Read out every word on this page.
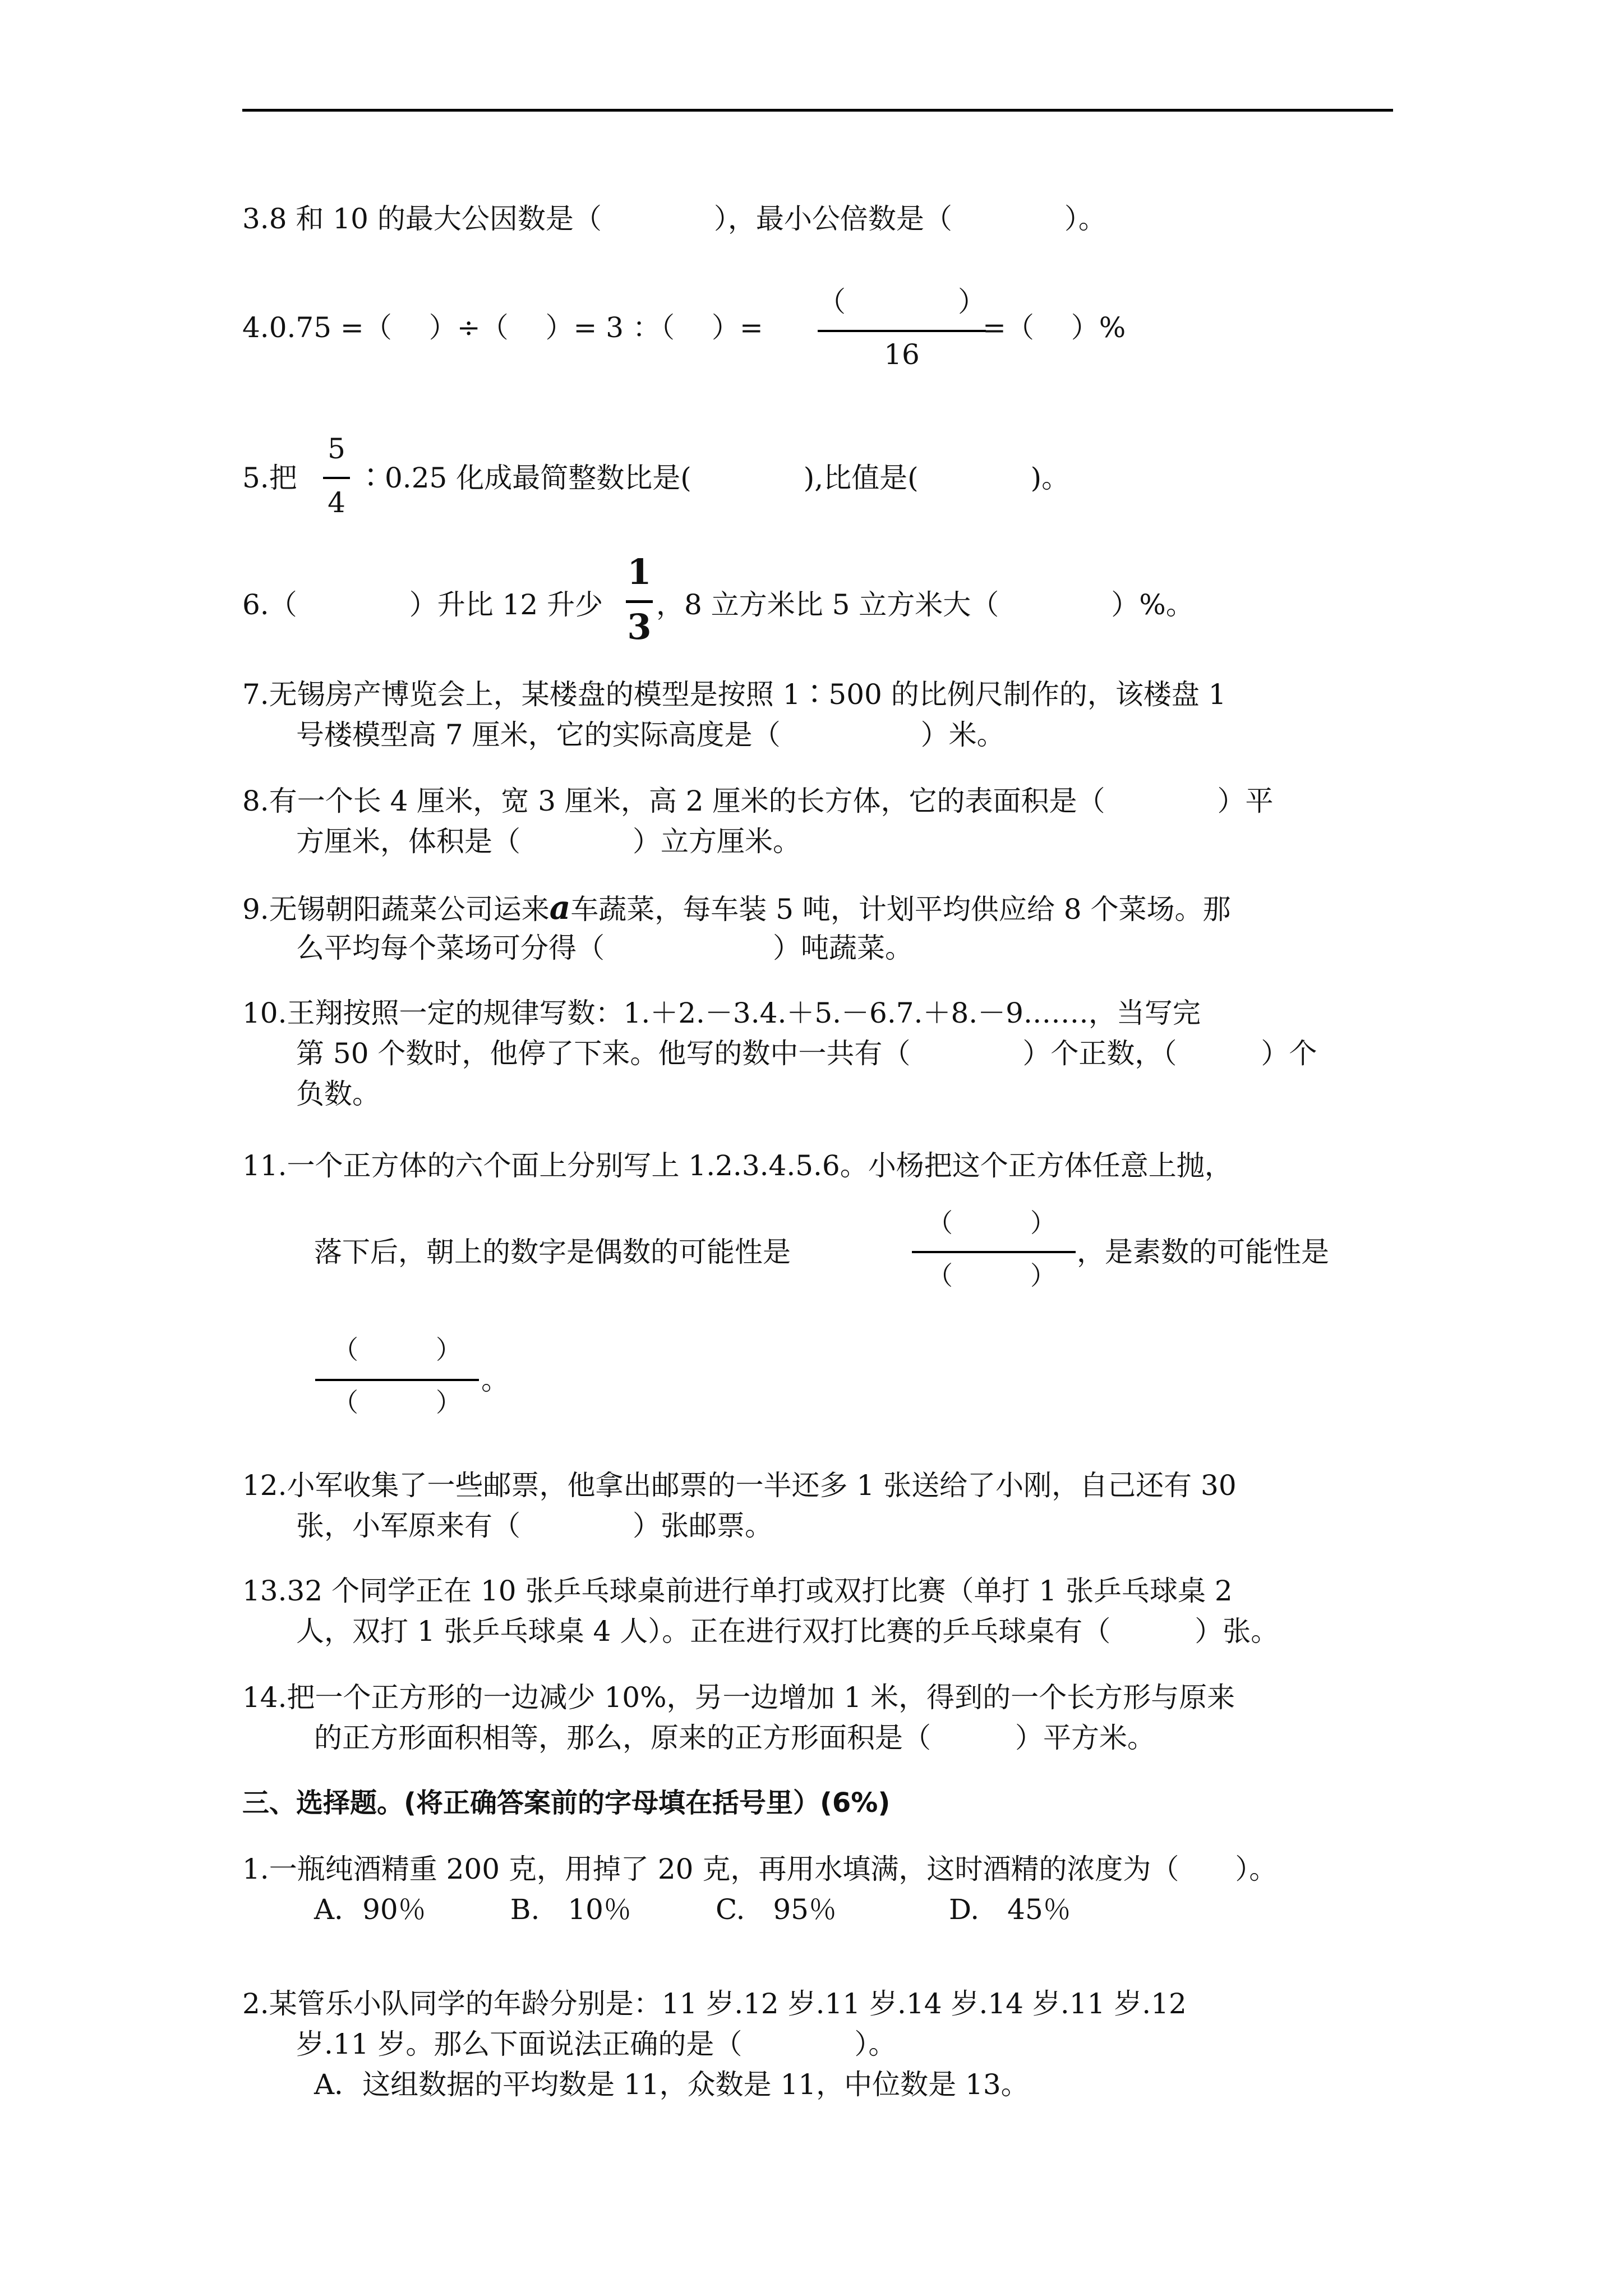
3.8 和 10 的最大公因数是（　　　　），最小公倍数是（　　　　）。
4.0.75 =（　 ）÷（　 ）= 3 ：（　 ）=
（　　　　）
16
=（　 ）%
5.把
5
4
∶0.25 化成最简整数比是(　　　　),比值是(　　　　)。
6.（　　　　）升比 12 升少
1
3
，8 立方米比 5 立方米大（　　　　）%。
7.无锡房产博览会上，某楼盘的模型是按照 1∶500 的比例尺制作的，该楼盘 1
号楼模型高 7 厘米，它的实际高度是（　　　　　）米。
8.有一个长 4 厘米，宽 3 厘米，高 2 厘米的长方体，它的表面积是（　　　　）平
方厘米，体积是（　　　　）立方厘米。
9.无锡朝阳蔬菜公司运来a车蔬菜，每车装 5 吨，计划平均供应给 8 个菜场。那
么平均每个菜场可分得（　　　　　　）吨蔬菜。
10.王翔按照一定的规律写数：1.＋2.－3.4.＋5.－6.7.＋8.－9.……，当写完
第 50 个数时，他停了下来。他写的数中一共有（　　　　）个正数，（　　　）个
负数。
11.一个正方体的六个面上分别写上 1.2.3.4.5.6。小杨把这个正方体任意上抛，
落下后，朝上的数字是偶数的可能性是
（　　　）
（　　　）
，是素数的可能性是
（　　　）
（　　　）
。
12.小军收集了一些邮票，他拿出邮票的一半还多 1 张送给了小刚，自己还有 30
张，小军原来有（　　　　）张邮票。
13.32 个同学正在 10 张乒乓球桌前进行单打或双打比赛（单打 1 张乒乓球桌 2
人，双打 1 张乒乓球桌 4 人）。正在进行双打比赛的乒乓球桌有（　　　）张。
14.把一个正方形的一边减少 10%，另一边增加 1 米，得到的一个长方形与原来
的正方形面积相等，那么，原来的正方形面积是（　　　）平方米。
三、选择题。(将正确答案前的字母填在括号里）(6%)
1.一瓶纯酒精重 200 克，用掉了 20 克，再用水填满，这时酒精的浓度为（　　）。
A．90％　　　B.　10％　　　C.　95％　　　　D.　45％
2.某管乐小队同学的年龄分别是：11 岁.12 岁.11 岁.14 岁.14 岁.11 岁.12
岁.11 岁。那么下面说法正确的是（　　　　）。
A．这组数据的平均数是 11，众数是 11，中位数是 13。
